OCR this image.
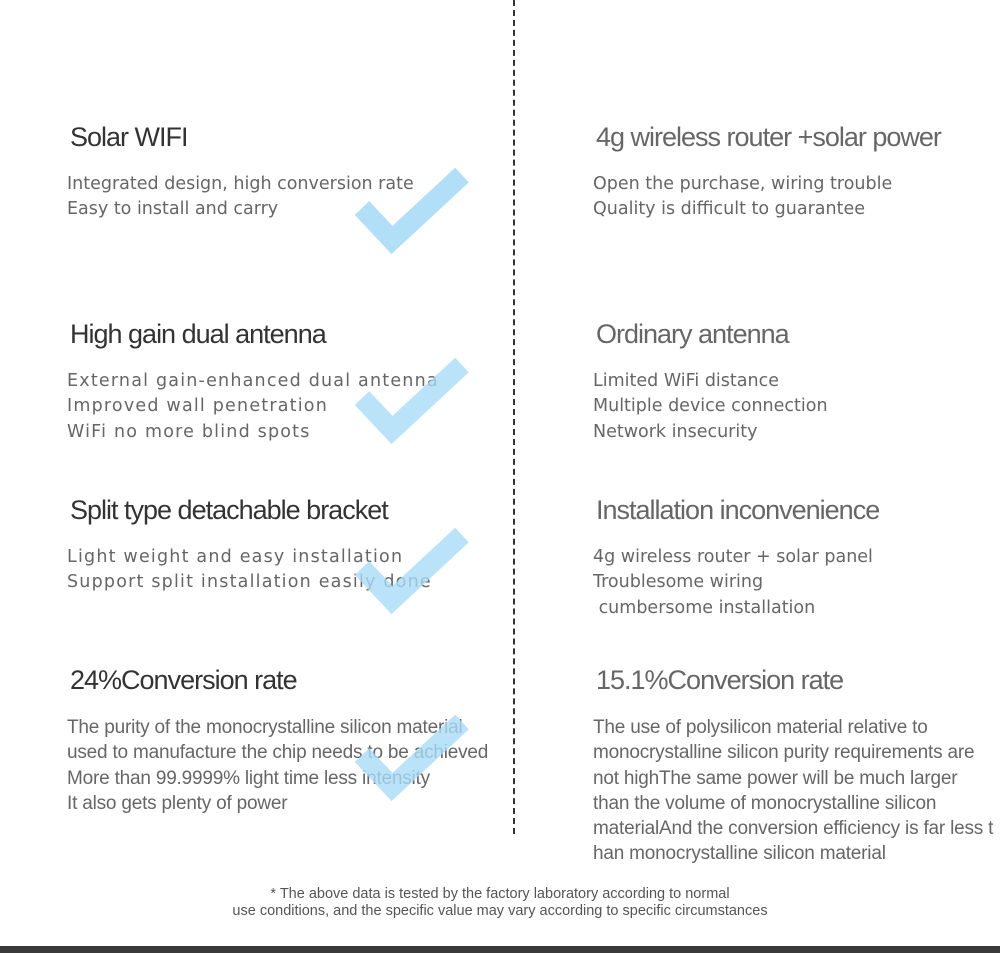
Solar WIFI
Integrated design, high conversion rate
Easy to install and carry
High gain dual antenna
External gain-enhanced dual antenna
Improved wall penetration
WiFi no more blind spots
Split type detachable bracket
Light weight and easy installation
Support split installation easily done
24%Conversion rate
The purity of the monocrystalline silicon material
used to manufacture the chip needs to be achieved
More than 99.9999% light time less intensity
It also gets plenty of power
4g wireless router +solar power
Open the purchase, wiring trouble
Quality is difficult to guarantee
Ordinary antenna
Limited WiFi distance
Multiple device connection
Network insecurity
Installation inconvenience
4g wireless router + solar panel
Troublesome wiring
cumbersome installation
15.1%Conversion rate
The use of polysilicon material relative to
monocrystalline silicon purity requirements are
not highThe same power will be much larger
than the volume of monocrystalline silicon
materialAnd the conversion efficiency is far less t
han monocrystalline silicon material
* The above data is tested by the factory laboratory according to normal
use conditions, and the specific value may vary according to specific circumstances
